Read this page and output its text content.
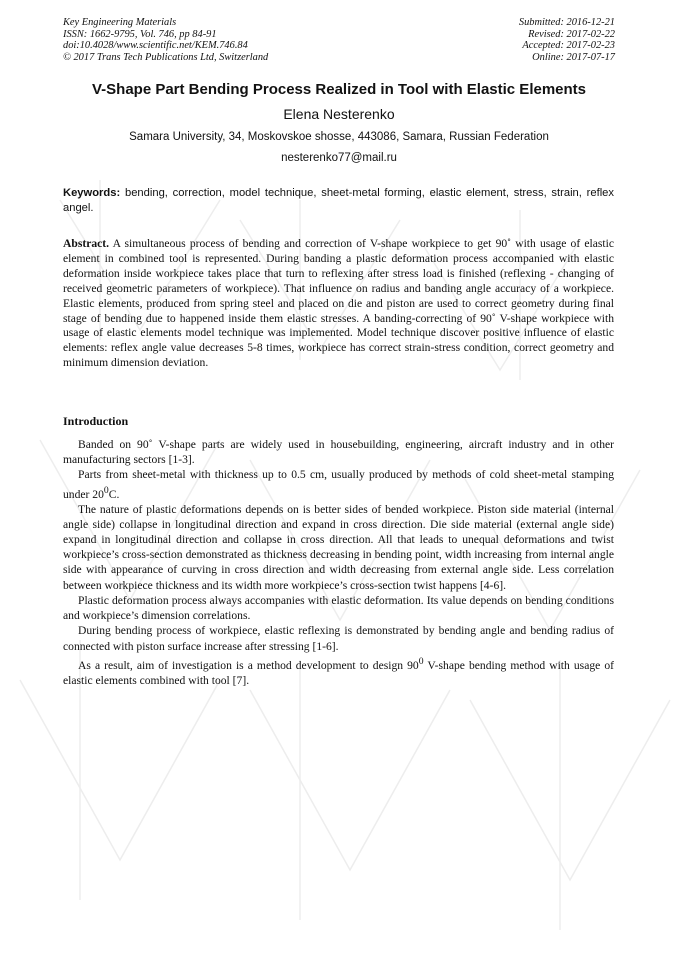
Key Engineering Materials
ISSN: 1662-9795, Vol. 746, pp 84-91
doi:10.4028/www.scientific.net/KEM.746.84
© 2017 Trans Tech Publications Ltd, Switzerland
Submitted: 2016-12-21
Revised: 2017-02-22
Accepted: 2017-02-23
Online: 2017-07-17
V-Shape Part Bending Process Realized in Tool with Elastic Elements
Elena Nesterenko
Samara University, 34, Moskovskoe shosse, 443086, Samara, Russian Federation
nesterenko77@mail.ru
Keywords: bending, correction, model technique, sheet-metal forming, elastic element, stress, strain, reflex angel.
Abstract. A simultaneous process of bending and correction of V-shape workpiece to get 90˚ with usage of elastic element in combined tool is represented. During banding a plastic deformation process accompanied with elastic deformation inside workpiece takes place that turn to reflexing after stress load is finished (reflexing - changing of received geometric parameters of workpiece). That influence on radius and banding angle accuracy of a workpiece. Elastic elements, produced from spring steel and placed on die and piston are used to correct geometry during final stage of bending due to happened inside them elastic stresses. A banding-correcting of 90˚ V-shape workpiece with usage of elastic elements model technique was implemented. Model technique discover positive influence of elastic elements: reflex angle value decreases 5-8 times, workpiece has correct strain-stress condition, correct geometry and minimum dimension deviation.
Introduction

Banded on 90˚ V-shape parts are widely used in housebuilding, engineering, aircraft industry and in other manufacturing sectors [1-3].

Parts from sheet-metal with thickness up to 0.5 cm, usually produced by methods of cold sheet-metal stamping under $20^0C$.

The nature of plastic deformations depends on is better sides of bended workpiece. Piston side material (internal angle side) collapse in longitudinal direction and expand in cross direction. Die side material (external angle side) expand in longitudinal direction and collapse in cross direction. All that leads to unequal deformations and twist workpiece’s cross-section demonstrated as thickness decreasing in bending point, width increasing from internal angle side with appearance of curving in cross direction and width decreasing from external angle side. Less correlation between workpiece thickness and its width more workpiece’s cross-section twist happens [4-6].

Plastic deformation process always accompanies with elastic deformation. Its value depends on bending conditions and workpiece’s dimension correlations.

During bending process of workpiece, elastic reflexing is demonstrated by bending angle and bending radius of connected with piston surface increase after stressing [1-6].

As a result, aim of investigation is a method development to design $90^0$ V-shape bending method with usage of elastic elements combined with tool [7].
